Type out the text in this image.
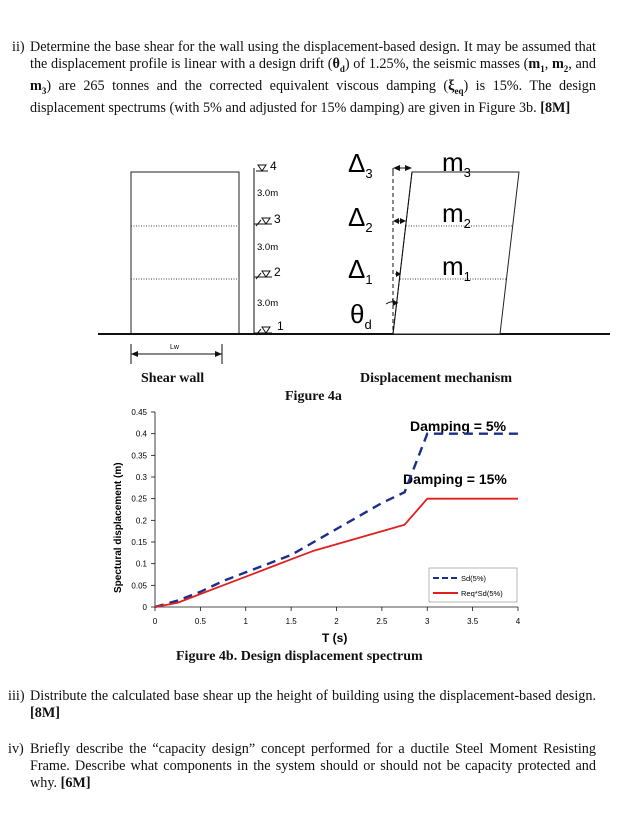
ii) Determine the base shear for the wall using the displacement-based design. It may be assumed that the displacement profile is linear with a design drift $(\theta_d)$ of 1.25%, the seismic masses ($m_1$, $m_2$, and $m_3$) are 265 tonnes and the corrected equivalent viscous damping $(\xi_{eq})$ is 15%. The design displacement spectrums (with 5% and adjusted for 15% damping) are given in Figure 3b. [8M]
4
3.0m
3
3.0m
2
3.0m
1
Lw
$\Delta_3$
$\Delta_2$
$\Delta_1$
$\theta_d$
$m_3$
$m_2$
$m_1$
Shear wall	Displacement mechanism
Figure 4a
Spectural displacement (m)
T (s)
Damping = 5%
Damping = 15%
Sd(5%)
Req*Sd(5%)
0
0.05
0.1
0.15
0.2
0.25
0.3
0.35
0.4
0.45
0	0.5	1	1.5	2	2.5	3	3.5	4
Figure 4b. Design displacement spectrum
iii) Distribute the calculated base shear up the height of building using the displacement-based design. [8M]
iv) Briefly describe the “capacity design” concept performed for a ductile Steel Moment Resisting Frame. Describe what components in the system should or should not be capacity protected and why. [6M]
